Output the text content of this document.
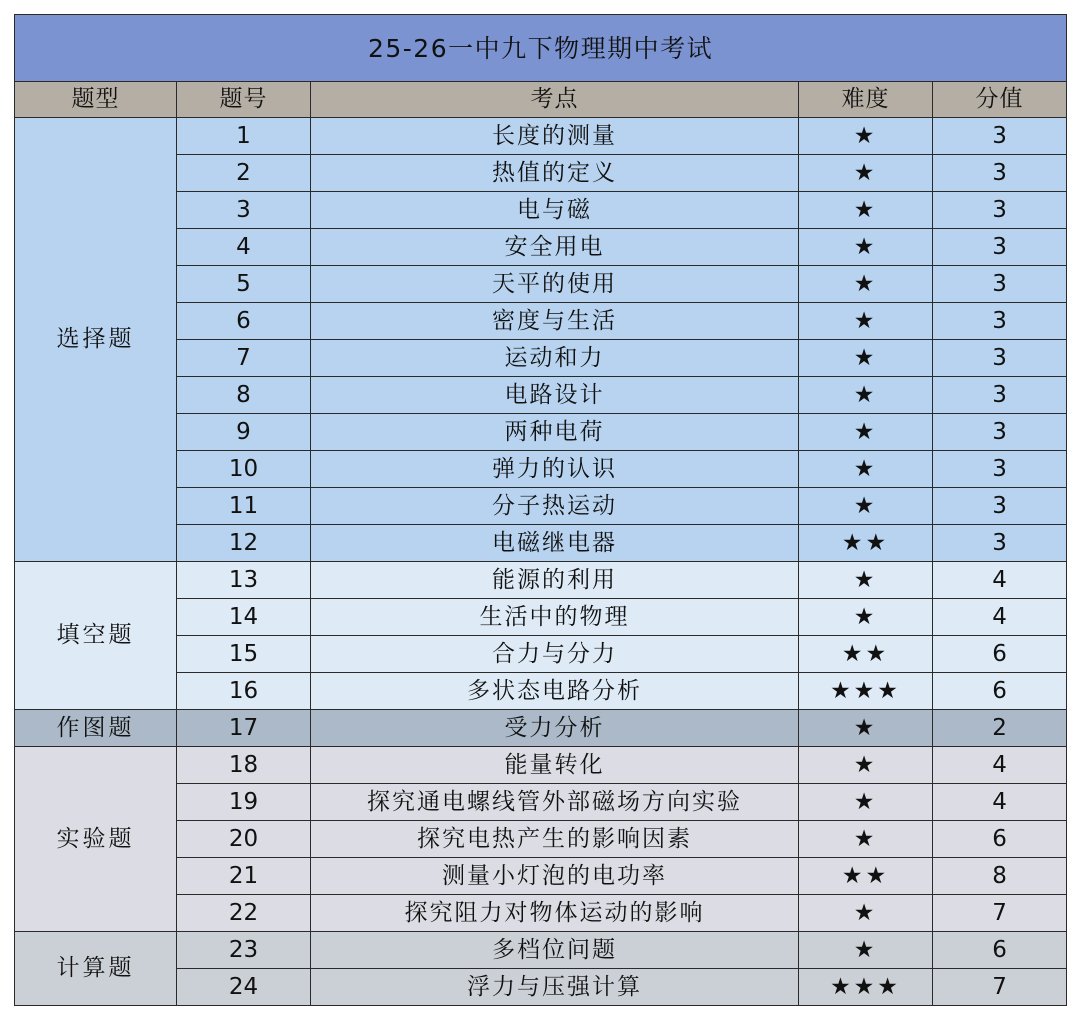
25-26一中九下物理期中考试				
题型	题号	考点	难度	分值
选择题	1	长度的测量	★	3
	2	热值的定义	★	3
	3	电与磁	★	3
	4	安全用电	★	3
	5	天平的使用	★	3
	6	密度与生活	★	3
	7	运动和力	★	3
	8	电路设计	★	3
	9	两种电荷	★	3
	10	弹力的认识	★	3
	11	分子热运动	★	3
	12	电磁继电器	★★	3
填空题	13	能源的利用	★	4
	14	生活中的物理	★	4
	15	合力与分力	★★	6
	16	多状态电路分析	★★★	6
作图题	17	受力分析	★	2
实验题	18	能量转化	★	4
	19	探究通电螺线管外部磁场方向实验	★	4
	20	探究电热产生的影响因素	★	6
	21	测量小灯泡的电功率	★★	8
	22	探究阻力对物体运动的影响	★	7
计算题	23	多档位问题	★	6
	24	浮力与压强计算	★★★	7
